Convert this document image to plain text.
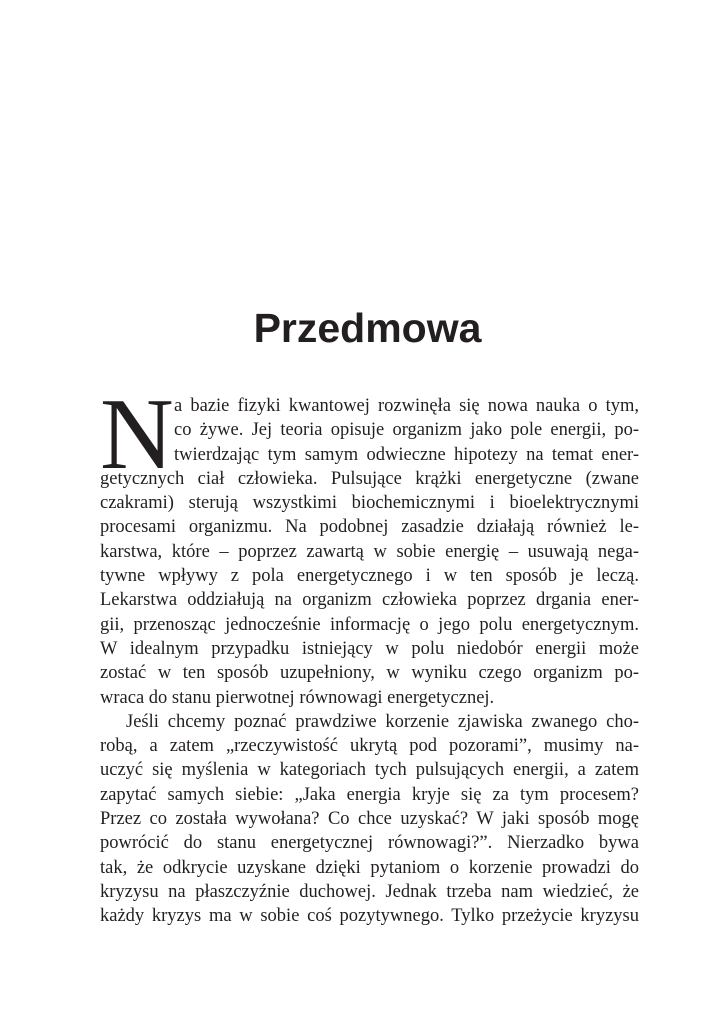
Przedmowa
N a bazie fizyki kwantowej rozwinęła się nowa nauka o tym,
co żywe. Jej teoria opisuje organizm jako pole energii, po-
twierdzając tym samym odwieczne hipotezy na temat ener-
getycznych ciał człowieka. Pulsujące krążki energetyczne (zwane
czakrami) sterują wszystkimi biochemicznymi i bioelektrycznymi
procesami organizmu. Na podobnej zasadzie działają również le-
karstwa, które – poprzez zawartą w sobie energię – usuwają nega-
tywne wpływy z pola energetycznego i w ten sposób je leczą.
Lekarstwa oddziałują na organizm człowieka poprzez drgania ener-
gii, przenosząc jednocześnie informację o jego polu energetycznym.
W idealnym przypadku istniejący w polu niedobór energii może
zostać w ten sposób uzupełniony, w wyniku czego organizm po-
wraca do stanu pierwotnej równowagi energetycznej.

Jeśli chcemy poznać prawdziwe korzenie zjawiska zwanego cho-
robą, a zatem „rzeczywistość ukrytą pod pozorami”, musimy na-
uczyć się myślenia w kategoriach tych pulsujących energii, a zatem
zapytać samych siebie: „Jaka energia kryje się za tym procesem?
Przez co została wywołana? Co chce uzyskać? W jaki sposób mogę
powrócić do stanu energetycznej równowagi?”. Nierzadko bywa
tak, że odkrycie uzyskane dzięki pytaniom o korzenie prowadzi do
kryzysu na płaszczyźnie duchowej. Jednak trzeba nam wiedzieć, że
każdy kryzys ma w sobie coś pozytywnego. Tylko przeżycie kryzysu
